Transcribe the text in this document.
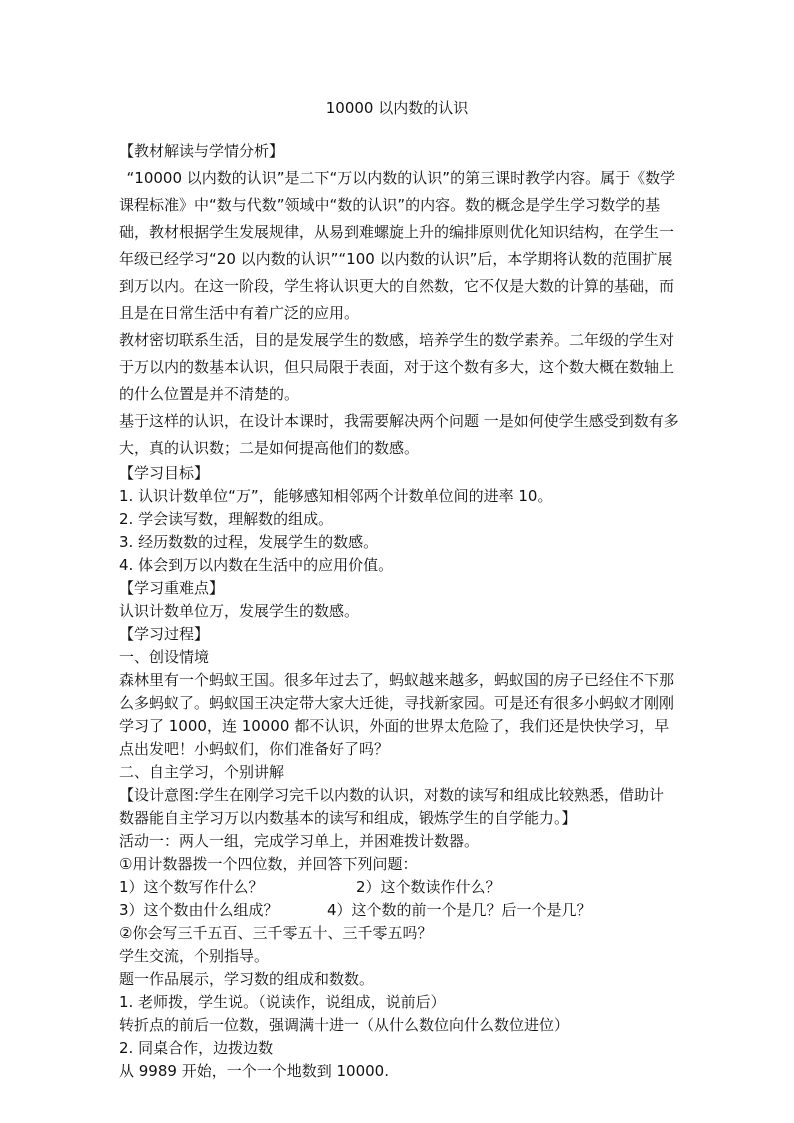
10000 以内数的认识

【教材解读与学情分析】

“10000 以内数的认识”是二下“万以内数的认识”的第三课时教学内容。属于《数学课程标准》中“数与代数”领域中“数的认识”的内容。数的概念是学生学习数学的基础，教材根据学生发展规律，从易到难螺旋上升的编排原则优化知识结构，在学生一年级已经学习“20 以内数的认识”“100 以内数的认识”后，本学期将认数的范围扩展到万以内。在这一阶段，学生将认识更大的自然数，它不仅是大数的计算的基础，而且是在日常生活中有着广泛的应用。

教材密切联系生活，目的是发展学生的数感，培养学生的数学素养。二年级的学生对于万以内的数基本认识，但只局限于表面，对于这个数有多大，这个数大概在数轴上的什么位置是并不清楚的。

基于这样的认识，在设计本课时，我需要解决两个问题 一是如何使学生感受到数有多大，真的认识数；二是如何提高他们的数感。

【学习目标】

1. 认识计数单位“万”，能够感知相邻两个计数单位间的进率 10。

2. 学会读写数，理解数的组成。

3. 经历数数的过程，发展学生的数感。

4. 体会到万以内数在生活中的应用价值。

【学习重难点】

认识计数单位万，发展学生的数感。

【学习过程】

一、创设情境

森林里有一个蚂蚁王国。很多年过去了，蚂蚁越来越多，蚂蚁国的房子已经住不下那么多蚂蚁了。蚂蚁国王决定带大家大迁徙，寻找新家园。可是还有很多小蚂蚁才刚刚学习了 1000，连 10000 都不认识，外面的世界太危险了，我们还是快快学习，早点出发吧！小蚂蚁们，你们准备好了吗？

二、自主学习，个别讲解

【设计意图:学生在刚学习完千以内数的认识，对数的读写和组成比较熟悉，借助计数器能自主学习万以内数基本的读写和组成，锻炼学生的自学能力。】

活动一：两人一组，完成学习单上，并困难拨计数器。

①用计数器拨一个四位数，并回答下列问题：

1）这个数写作什么？	2）这个数读作什么？
3）这个数由什么组成？	4）这个数的前一个是几？后一个是几？

②你会写三千五百、三千零五十、三千零五吗？

学生交流，个别指导。

题一作品展示，学习数的组成和数数。

1. 老师拨，学生说。（说读作，说组成，说前后）

转折点的前后一位数，强调满十进一（从什么数位向什么数位进位）

2. 同桌合作，边拨边数

从 9989 开始，一个一个地数到 10000.
